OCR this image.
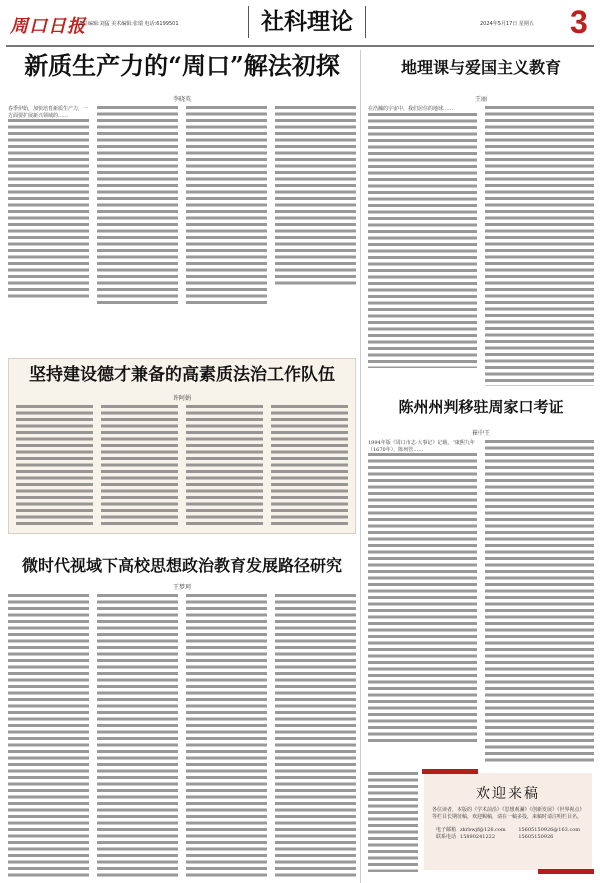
周口日报
责任编辑:刘猛 美术编辑:张瑞 电话:6199501	社科理论	2024年5月17日 星期五 3
新质生产力的“周口”解法初探
李晓英
春季伊始，加快培育新质生产力，一方面要扩展新兴领域的……
坚持建设德才兼备的高素质法治工作队伍
许阿娟
微时代视域下高校思想政治教育发展路径研究
王梦珂
地理课与爱国主义教育
王丽
在浩瀚的宇宙中，我们居住的地球……
陈州州判移驻周家口考证
崔中王
1994年版《周口市志·大事记》记载，“康熙九年（1670年），陈州管……
欢迎来稿
各位读者，本版的《学术前沿》《思想观澜》《创新发展》《世界视点》等栏目长期征稿，欢迎赐稿，请在一稿多投，来稿时请注明栏目名。
电子邮箱 zkrbwjf@126.com	15605150926@163.com
联系电话 15890241222	15605150926
